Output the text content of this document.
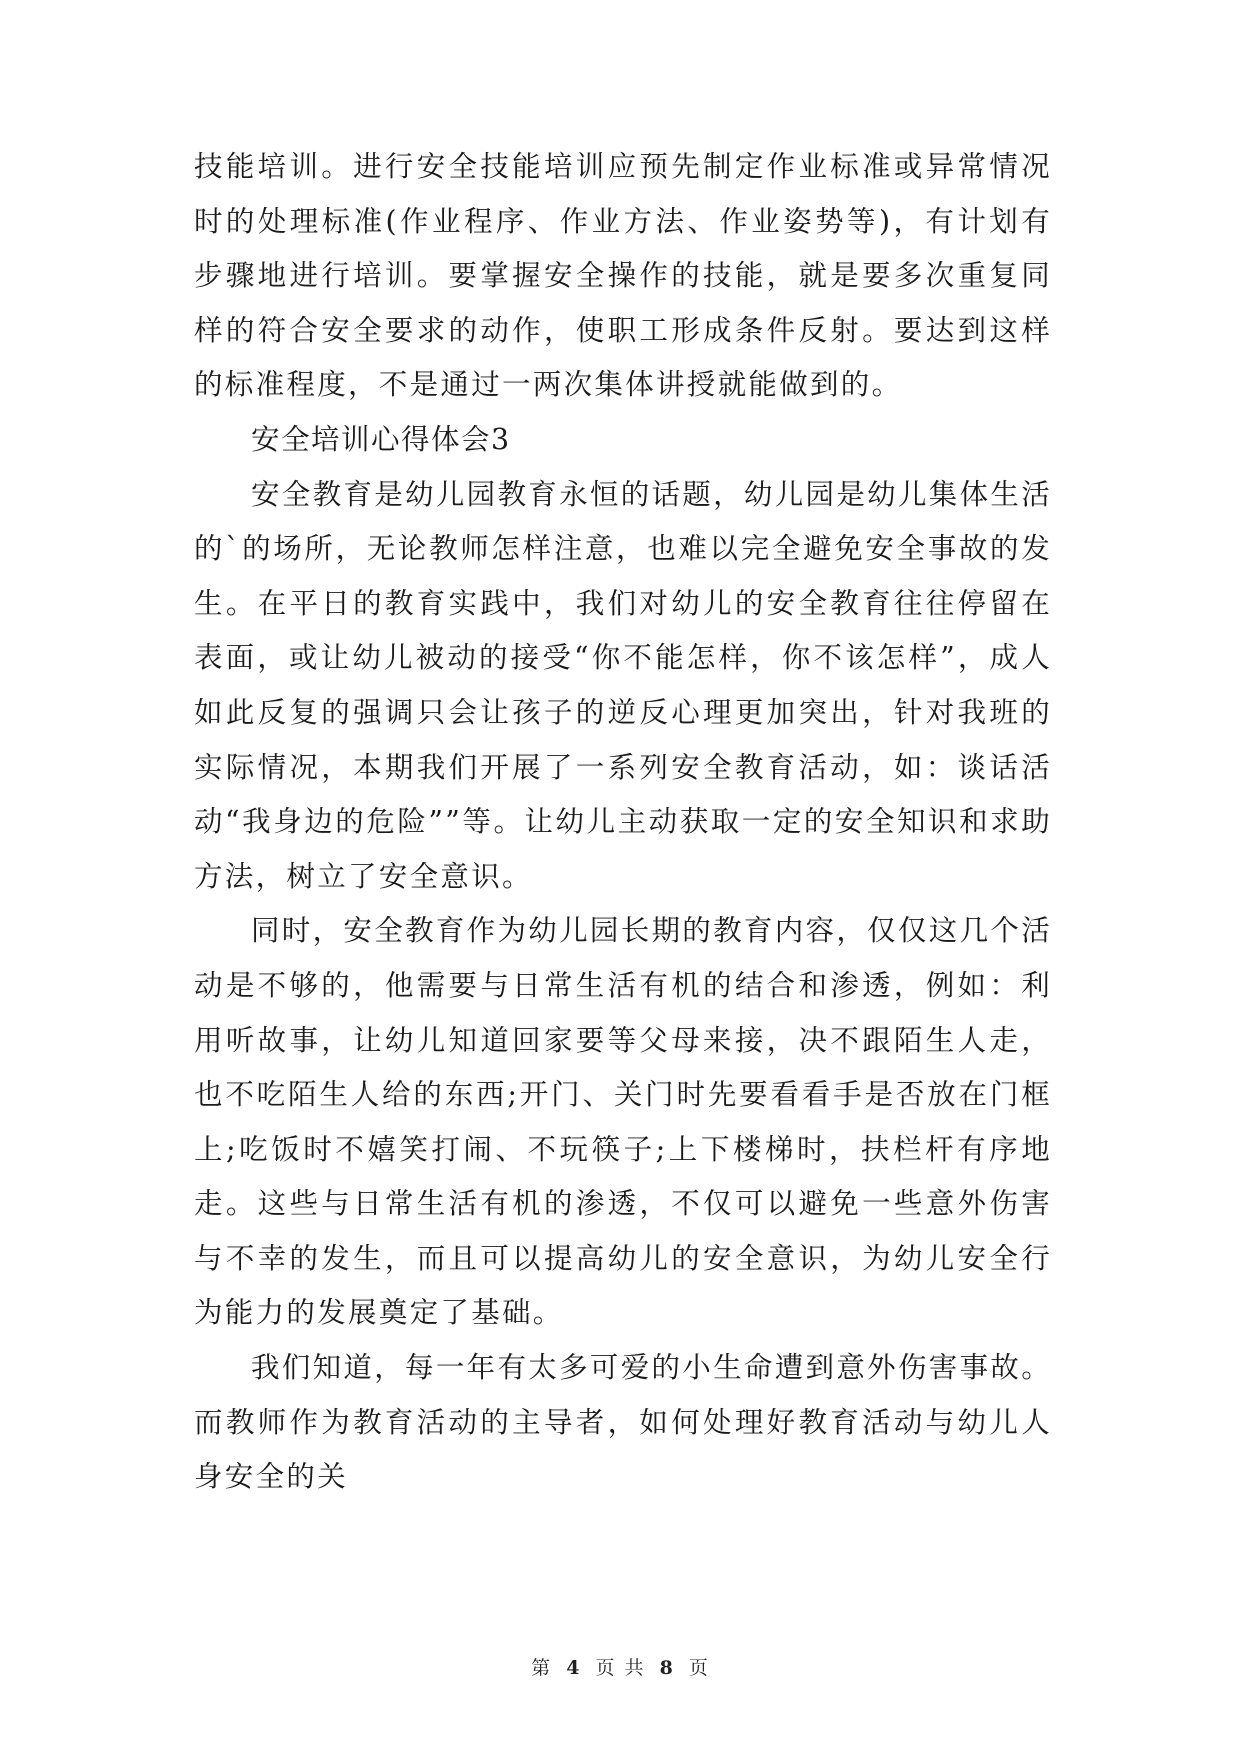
技能培训。进行安全技能培训应预先制定作业标准或异常情况时的处理标准(作业程序、作业方法、作业姿势等)，有计划有步骤地进行培训。要掌握安全操作的技能，就是要多次重复同样的符合安全要求的动作，使职工形成条件反射。要达到这样的标准程度，不是通过一两次集体讲授就能做到的。

安全培训心得体会3

安全教育是幼儿园教育永恒的话题，幼儿园是幼儿集体生活的`的场所，无论教师怎样注意，也难以完全避免安全事故的发生。在平日的教育实践中，我们对幼儿的安全教育往往停留在表面，或让幼儿被动的接受“你不能怎样，你不该怎样”，成人如此反复的强调只会让孩子的逆反心理更加突出，针对我班的实际情况，本期我们开展了一系列安全教育活动，如：谈话活动“我身边的危险””等。让幼儿主动获取一定的安全知识和求助方法，树立了安全意识。

同时，安全教育作为幼儿园长期的教育内容，仅仅这几个活动是不够的，他需要与日常生活有机的结合和渗透，例如：利用听故事，让幼儿知道回家要等父母来接，决不跟陌生人走，也不吃陌生人给的东西;开门、关门时先要看看手是否放在门框上;吃饭时不嬉笑打闹、不玩筷子;上下楼梯时，扶栏杆有序地走。这些与日常生活有机的渗透，不仅可以避免一些意外伤害与不幸的发生，而且可以提高幼儿的安全意识，为幼儿安全行为能力的发展奠定了基础。

我们知道，每一年有太多可爱的小生命遭到意外伤害事故。而教师作为教育活动的主导者，如何处理好教育活动与幼儿人身安全的关

第 4 页 共 8 页
